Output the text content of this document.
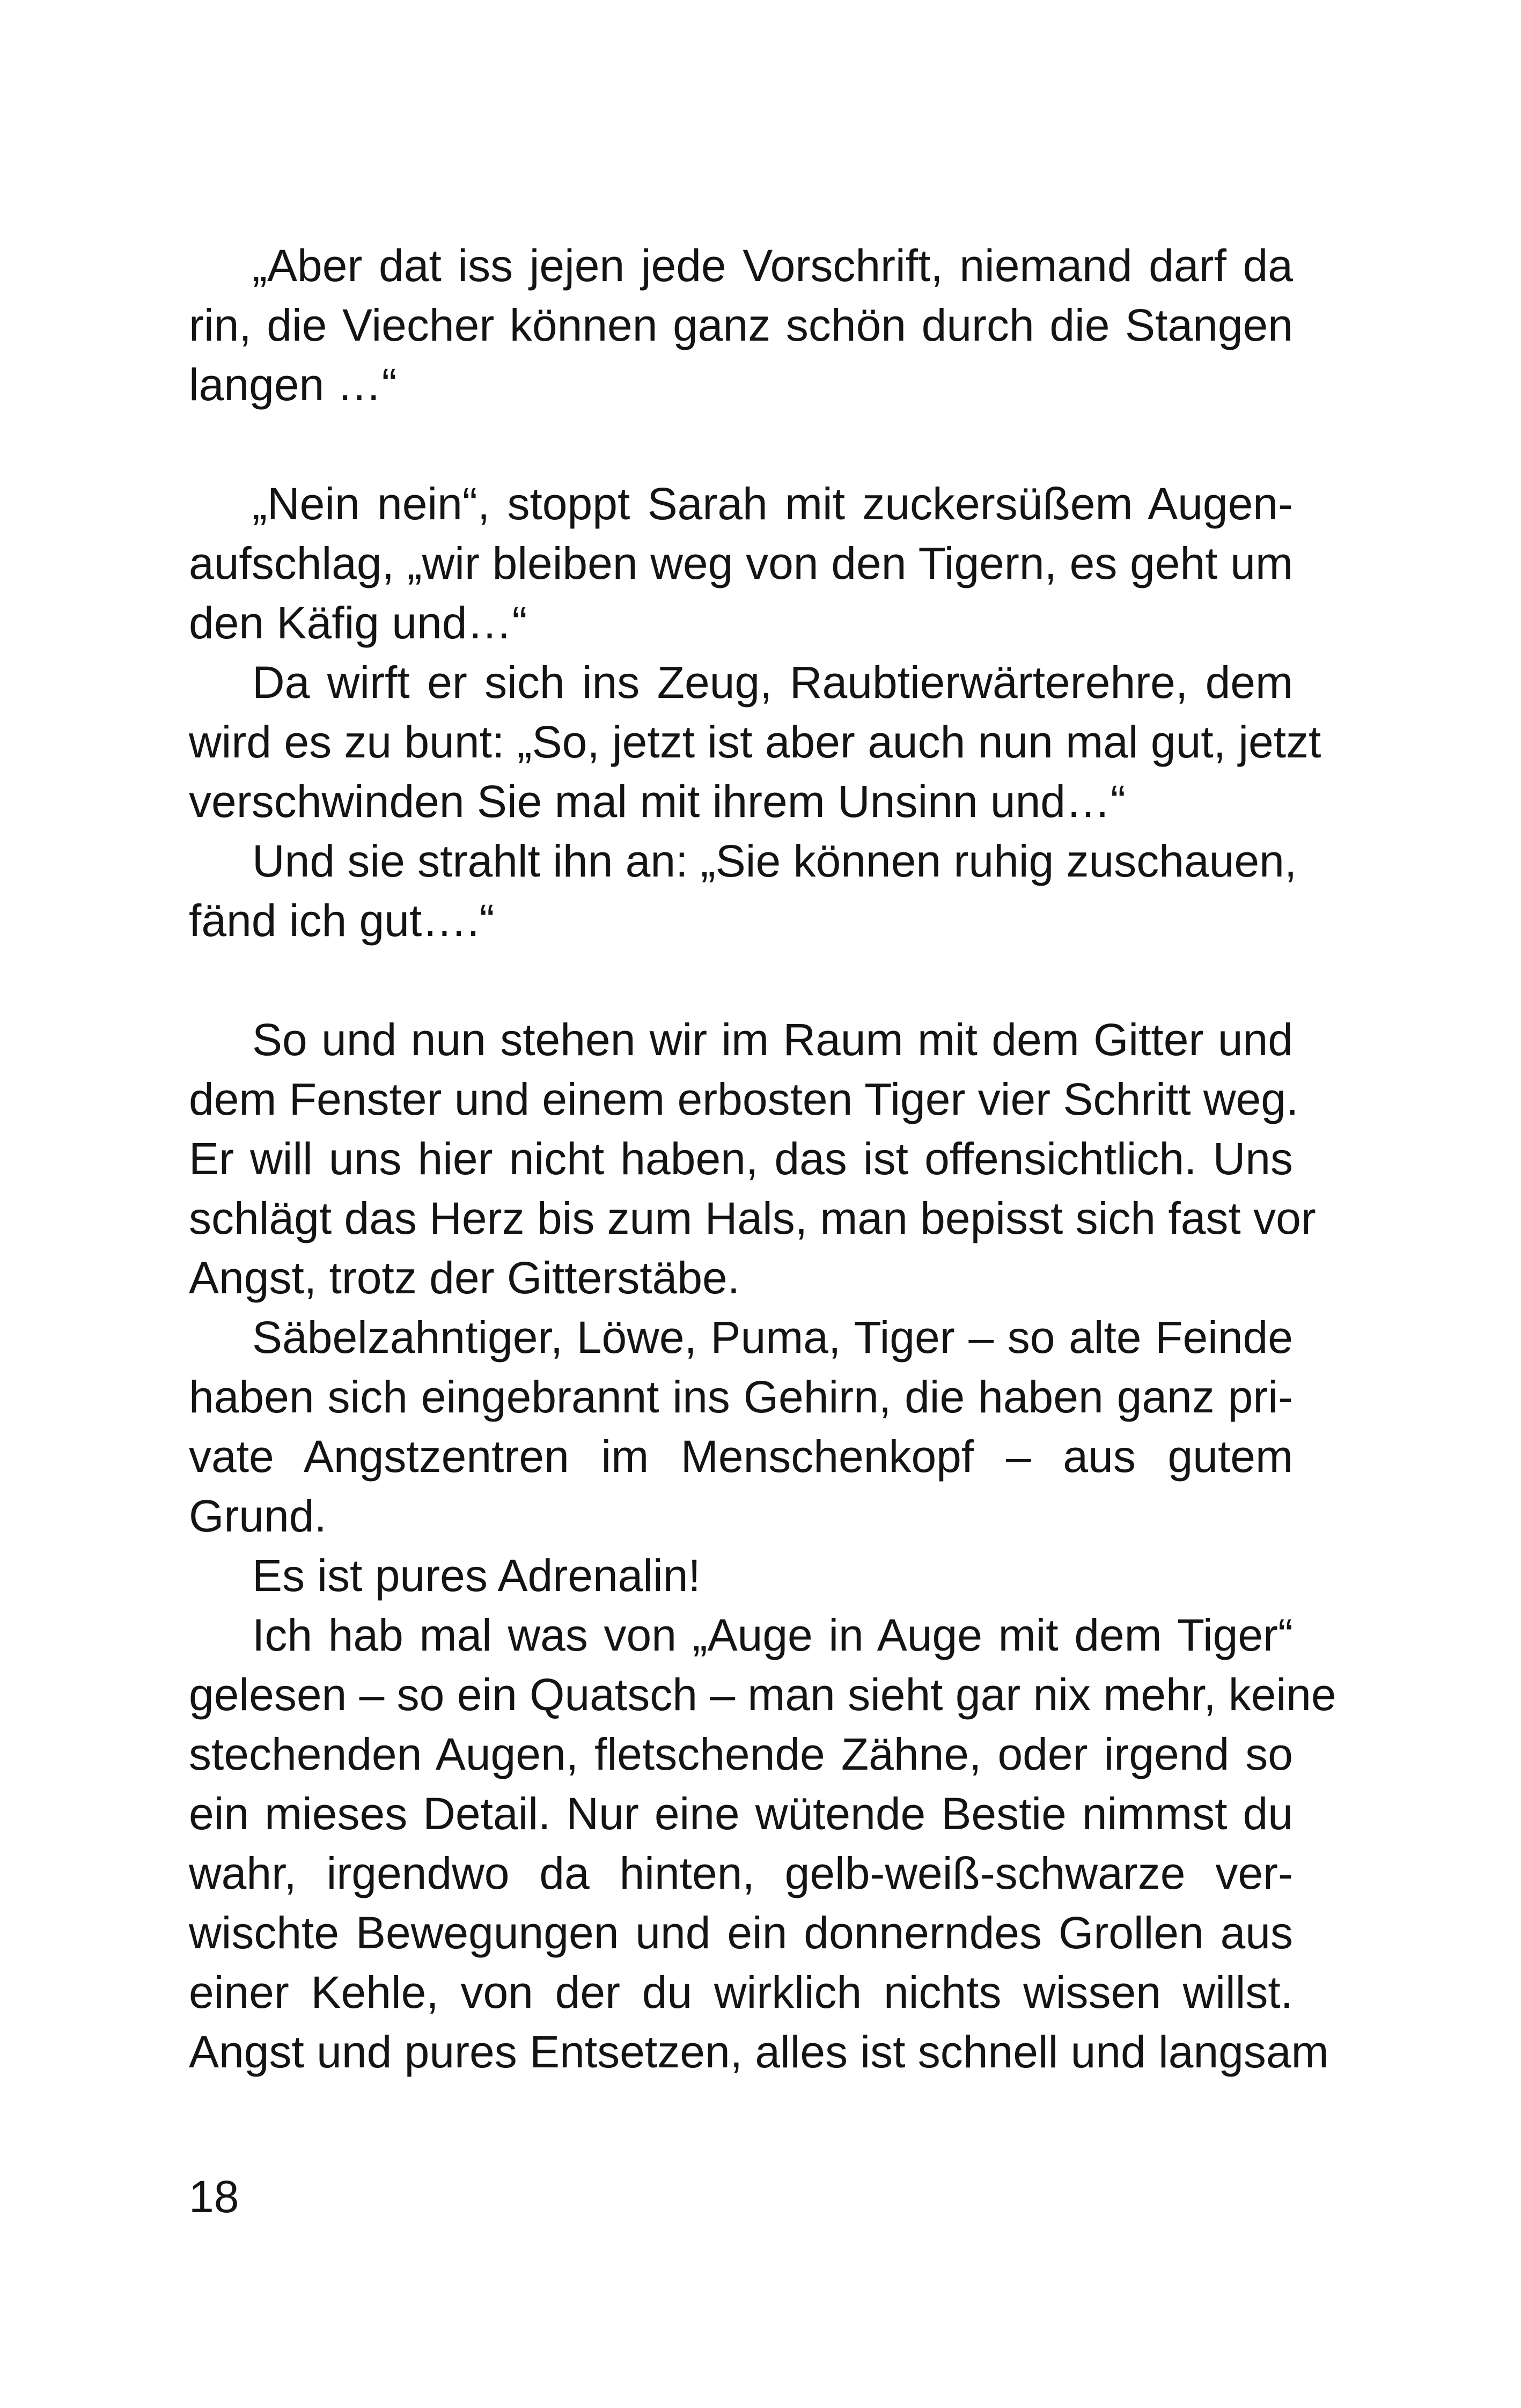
„Aber dat iss jejen jede Vorschrift, niemand darf da
rin, die Viecher können ganz schön durch die Stangen
langen …“
„Nein nein“, stoppt Sarah mit zuckersüßem Augen-
aufschlag, „wir bleiben weg von den Tigern, es geht um
den Käfig und…“
Da wirft er sich ins Zeug, Raubtierwärterehre, dem
wird es zu bunt: „So, jetzt ist aber auch nun mal gut, jetzt
verschwinden Sie mal mit ihrem Unsinn und…“
Und sie strahlt ihn an: „Sie können ruhig zuschauen,
fänd ich gut….“
So und nun stehen wir im Raum mit dem Gitter und
dem Fenster und einem erbosten Tiger vier Schritt weg.
Er will uns hier nicht haben, das ist offensichtlich. Uns
schlägt das Herz bis zum Hals, man bepisst sich fast vor
Angst, trotz der Gitterstäbe.
Säbelzahntiger, Löwe, Puma, Tiger – so alte Feinde
haben sich eingebrannt ins Gehirn, die haben ganz pri-
vate Angstzentren im Menschenkopf – aus gutem
Grund.
Es ist pures Adrenalin!
Ich hab mal was von „Auge in Auge mit dem Tiger“
gelesen – so ein Quatsch – man sieht gar nix mehr, keine
stechenden Augen, fletschende Zähne, oder irgend so
ein mieses Detail. Nur eine wütende Bestie nimmst du
wahr, irgendwo da hinten, gelb-weiß-schwarze ver-
wischte Bewegungen und ein donnerndes Grollen aus
einer Kehle, von der du wirklich nichts wissen willst.
Angst und pures Entsetzen, alles ist schnell und langsam
18
